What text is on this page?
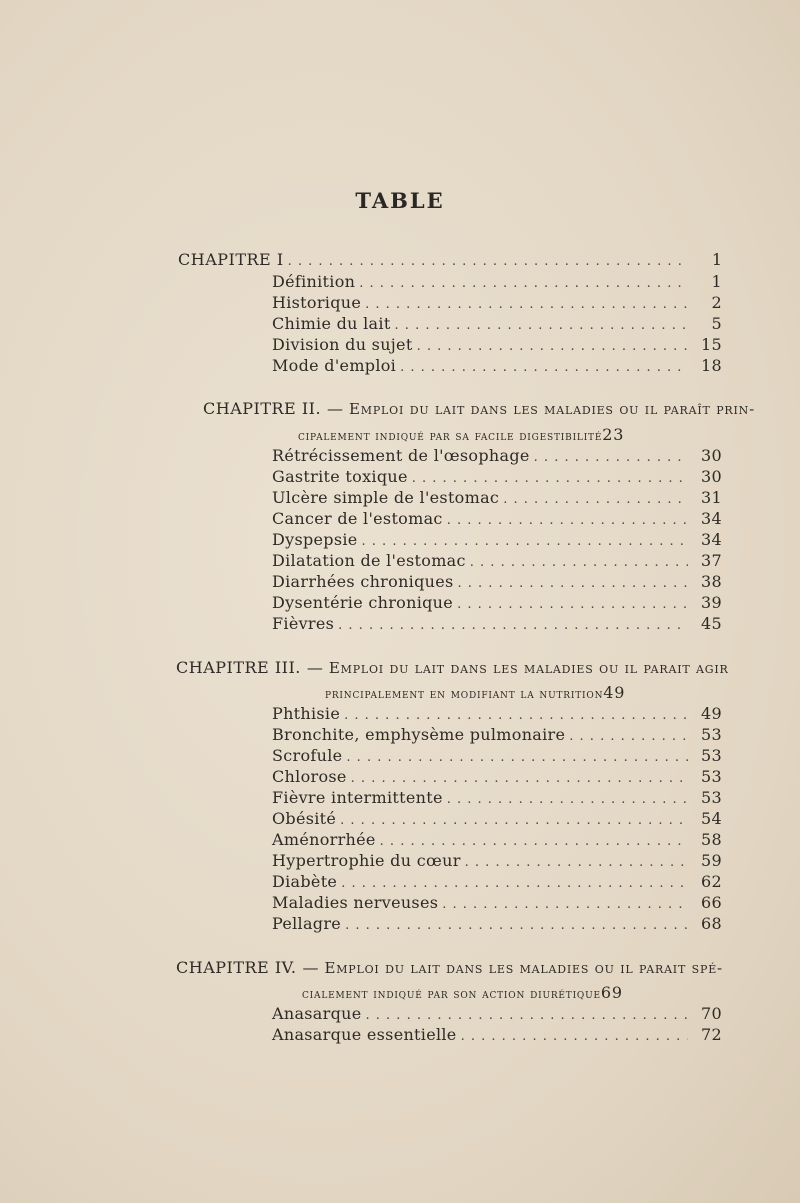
TABLE
CHAPITRE I . . .	1
Définition . . .	1
Historique . . .	2
Chimie du lait . . .	5
Division du sujet . . .	15
Mode d'emploi . . .	18
CHAPITRE II. — Emploi du lait dans les maladies ou il paraît prin-
cipalement indiqué par sa facile digestibilité 23
Rétrécissement de l'œsophage . . .	30
Gastrite toxique . . .	30
Ulcère simple de l'estomac . . .	31
Cancer de l'estomac . . .	34
Dyspepsie . . .	34
Dilatation de l'estomac . . .	37
Diarrhées chroniques . . .	38
Dysentérie chronique . . .	39
Fièvres . . .	45
CHAPITRE III. — Emploi du lait dans les maladies ou il parait agir
principalement en modifiant la nutrition 49
Phthisie . . .	49
Bronchite, emphysème pulmonaire . . .	53
Scrofule . . .	53
Chlorose . . .	53
Fièvre intermittente . . .	53
Obésité . . .	54
Aménorrhée . . .	58
Hypertrophie du cœur . . .	59
Diabète . . .	62
Maladies nerveuses . . .	66
Pellagre . . .	68
CHAPITRE IV. — Emploi du lait dans les maladies ou il parait spé-
cialement indiqué par son action diurétique 69
Anasarque . . .	70
Anasarque essentielle . . .	72
